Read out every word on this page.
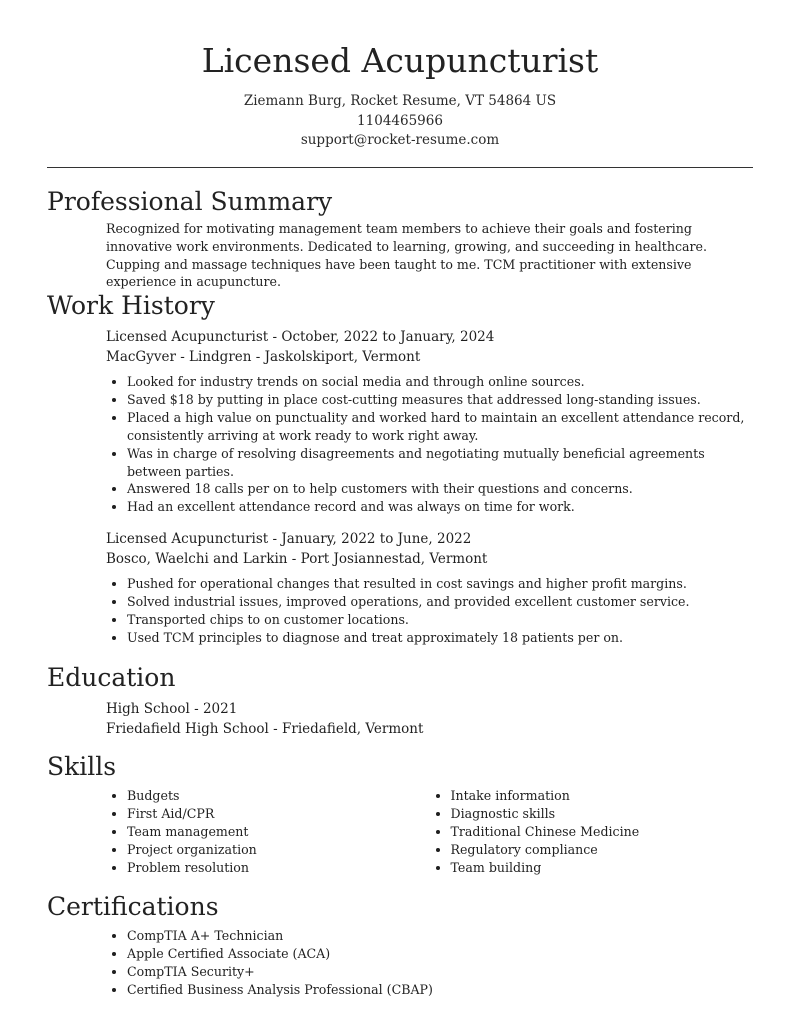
Licensed Acupuncturist
Ziemann Burg, Rocket Resume, VT 54864 US
1104465966
support@rocket-resume.com
Professional Summary

Recognized for motivating management team members to achieve their goals and fostering innovative work environments. Dedicated to learning, growing, and succeeding in healthcare. Cupping and massage techniques have been taught to me. TCM practitioner with extensive experience in acupuncture.

Work History
Licensed Acupuncturist - October, 2022 to January, 2024
MacGyver - Lindgren - Jaskolskiport, Vermont
• Looked for industry trends on social media and through online sources.
• Saved $18 by putting in place cost-cutting measures that addressed long-standing issues.
• Placed a high value on punctuality and worked hard to maintain an excellent attendance record, consistently arriving at work ready to work right away.
• Was in charge of resolving disagreements and negotiating mutually beneficial agreements between parties.
• Answered 18 calls per on to help customers with their questions and concerns.
• Had an excellent attendance record and was always on time for work.
Licensed Acupuncturist - January, 2022 to June, 2022
Bosco, Waelchi and Larkin - Port Josiannestad, Vermont
• Pushed for operational changes that resulted in cost savings and higher profit margins.
• Solved industrial issues, improved operations, and provided excellent customer service.
• Transported chips to on customer locations.
• Used TCM principles to diagnose and treat approximately 18 patients per on.
Education
High School - 2021
Friedafield High School - Friedafield, Vermont
Skills
• Budgets
• First Aid/CPR
• Team management
• Project organization
• Problem resolution
• Intake information
• Diagnostic skills
• Traditional Chinese Medicine
• Regulatory compliance
• Team building
Certifications
• CompTIA A+ Technician
• Apple Certified Associate (ACA)
• CompTIA Security+
• Certified Business Analysis Professional (CBAP)
